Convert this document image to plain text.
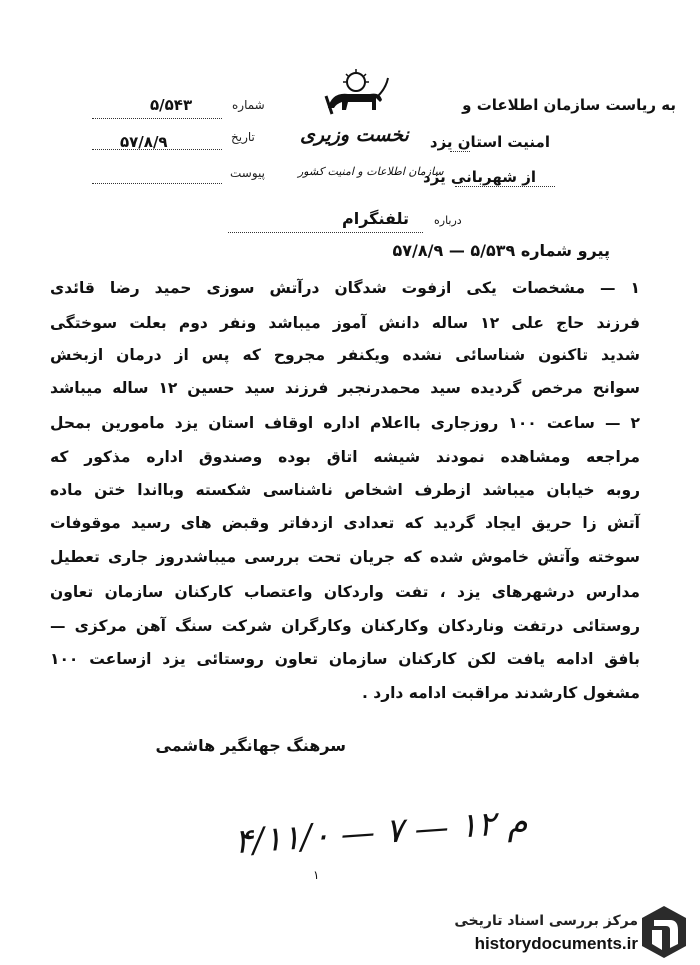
به ریاست سازمان اطلاعات و
امنیت استان یزد
از شهربانی یزد
نخست وزیری
سازمان اطلاعات و امنیت کشور
شماره
۵/۵۴۳
تاریخ
۵۷/۸/۹
پیوست
درباره
تلفنگرام
پیرو شماره ۵/۵۳۹ — ۵۷/۸/۹
۱ — مشخصات یکی ازفوت شدگان درآتش سوزی حمید رضا قائدی
فرزند حاج علی ۱۲ ساله دانش آموز میباشد ونفر دوم بعلت سوختگی
شدید تاکنون شناسائی نشده ویکنفر مجروح که پس از درمان ازبخش
سوانح مرخص گردیده سید محمدرنجبر فرزند سید حسین ۱۲ ساله میباشد
۲ — ساعت ۱۰۰ روزجاری بااعلام اداره اوقاف استان یزد مامورین بمحل
مراجعه ومشاهده نمودند شیشه اتاق بوده وصندوق اداره مذکور که
روبه خیابان میباشد ازطرف اشخاص ناشناسی شکسته وبااندا ختن ماده
آتش زا حریق ایجاد گردید که تعدادی ازدفاتر وقبض های رسید موقوفات
سوخته وآتش خاموش شده که جریان تحت بررسی میباشدروز جاری تعطیل
مدارس درشهرهای یزد ، تفت واردکان واعتصاب کارکنان سازمان تعاون
روستائی درتفت وناردکان وکارکنان وکارگران شرکت سنگ آهن مرکزی —
بافق ادامه یافت لکن کارکنان سازمان تعاون روستائی یزد ازساعت ۱۰۰
مشغول کارشدند مراقبت ادامه دارد .
سرهنگ جهانگیر هاشمی
۴/۱۱/۰ — ۷ — ۱۲ م
۱
مرکز بررسی اسناد تاریخی
historydocuments.ir
